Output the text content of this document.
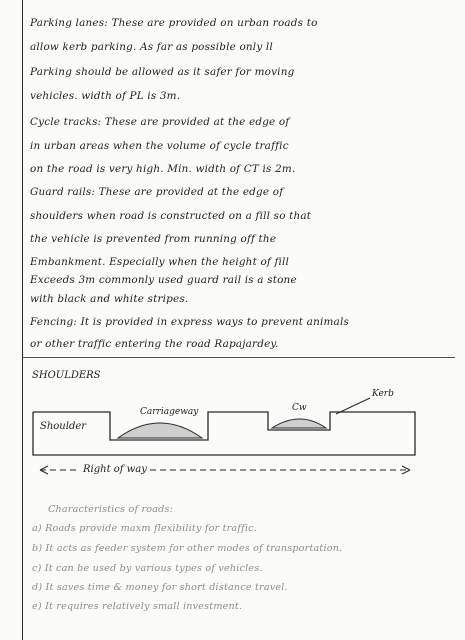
Parking lanes: These are provided on urban roads to
allow kerb parking. As far as possible only ll
Parking should be allowed as it safer for moving
vehicles. width of PL is 3m.
Cycle tracks: These are provided at the edge of
in urban areas when the volume of cycle traffic
on the road is very high. Min. width of CT is 2m.
Guard rails: These are provided at the edge of
shoulders when road is constructed on a fill so that
the vehicle is prevented from running off the
Embankment. Especially when the height of fill
Exceeds 3m commonly used guard rail is a stone
with black and white stripes.
Fencing: It is provided in express ways to prevent animals
or other traffic entering the road Rapajardey.
SHOULDERS
Shoulder
Carriageway	Cw
Kerb
Right of way
Characteristics of roads:
a) Roads provide maxm flexibility for traffic.
b) It acts as feeder system for other modes of transportation.
c) It can be used by various types of vehicles.
d) It saves time & money for short distance travel.
e) It requires relatively small investment.
